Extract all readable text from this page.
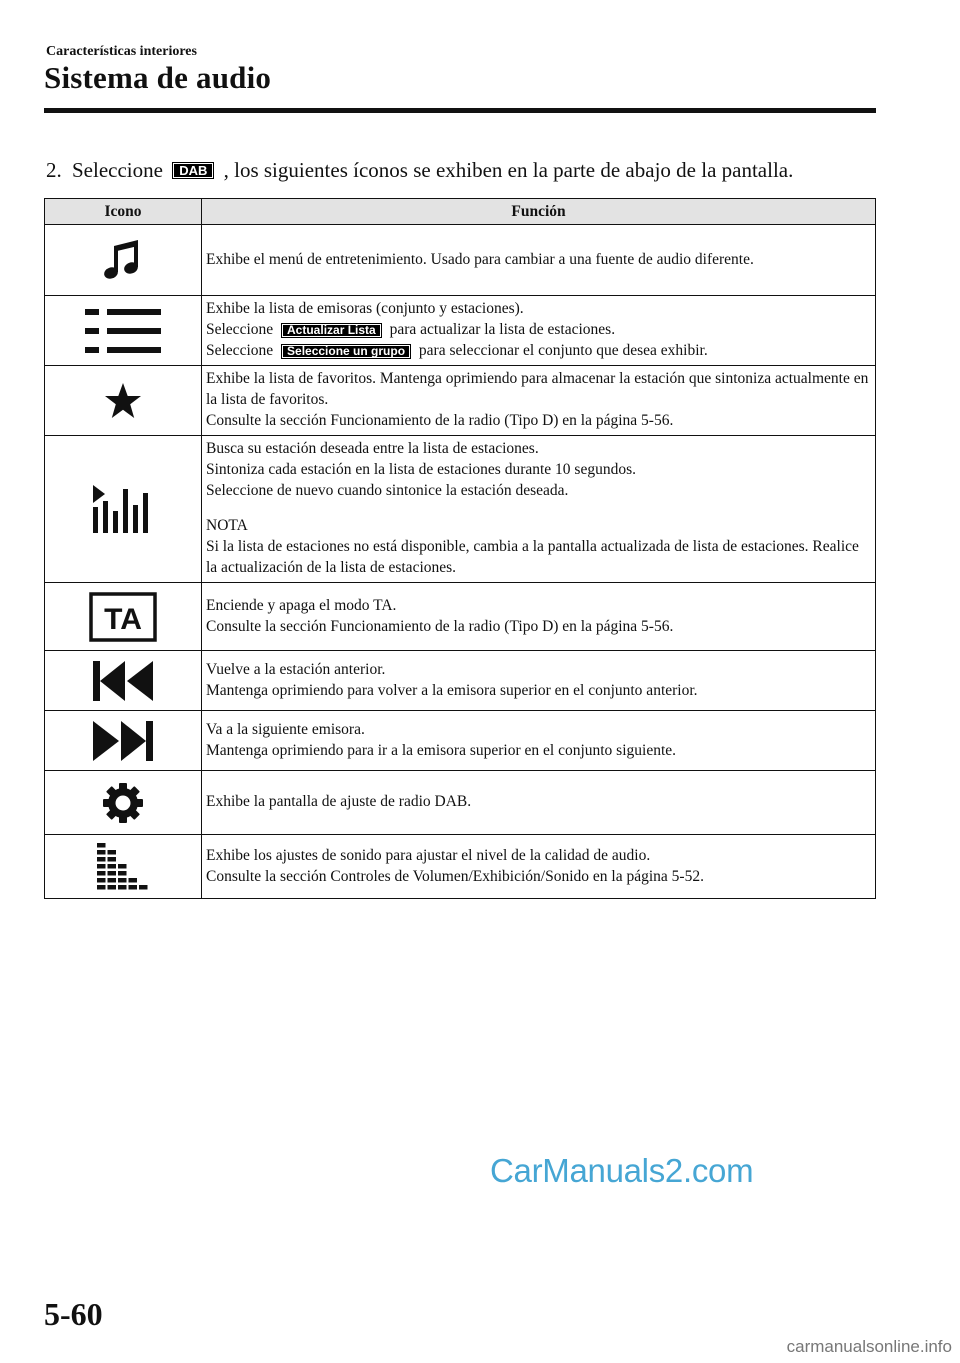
Características interiores
Sistema de audio
2. Seleccione DAB , los siguientes íconos se exhiben en la parte de abajo de la pantalla.
Icono	Función

Exhibe el menú de entretenimiento. Usado para cambiar a una fuente de audio diferente.

Exhibe la lista de emisoras (conjunto y estaciones).
Seleccione Actualizar Lista para actualizar la lista de estaciones.
Seleccione Seleccione un grupo para seleccionar el conjunto que desea exhibir.

Exhibe la lista de favoritos. Mantenga oprimiendo para almacenar la estación que sintoniza actualmente en la lista de favoritos.
Consulte la sección Funcionamiento de la radio (Tipo D) en la página 5-56.

Busca su estación deseada entre la lista de estaciones.
Sintoniza cada estación en la lista de estaciones durante 10 segundos.
Seleccione de nuevo cuando sintonice la estación deseada.
NOTA
Si la lista de estaciones no está disponible, cambia a la pantalla actualizada de lista de estaciones. Realice la actualización de la lista de estaciones.

TA	Enciende y apaga el modo TA.
Consulte la sección Funcionamiento de la radio (Tipo D) en la página 5-56.

Vuelve a la estación anterior.
Mantenga oprimiendo para volver a la emisora superior en el conjunto anterior.

Va a la siguiente emisora.
Mantenga oprimiendo para ir a la emisora superior en el conjunto siguiente.

Exhibe la pantalla de ajuste de radio DAB.

Exhibe los ajustes de sonido para ajustar el nivel de la calidad de audio.
Consulte la sección Controles de Volumen/Exhibición/Sonido en la página 5-52.
CarManuals2.com
5-60
carmanualsonline.info
